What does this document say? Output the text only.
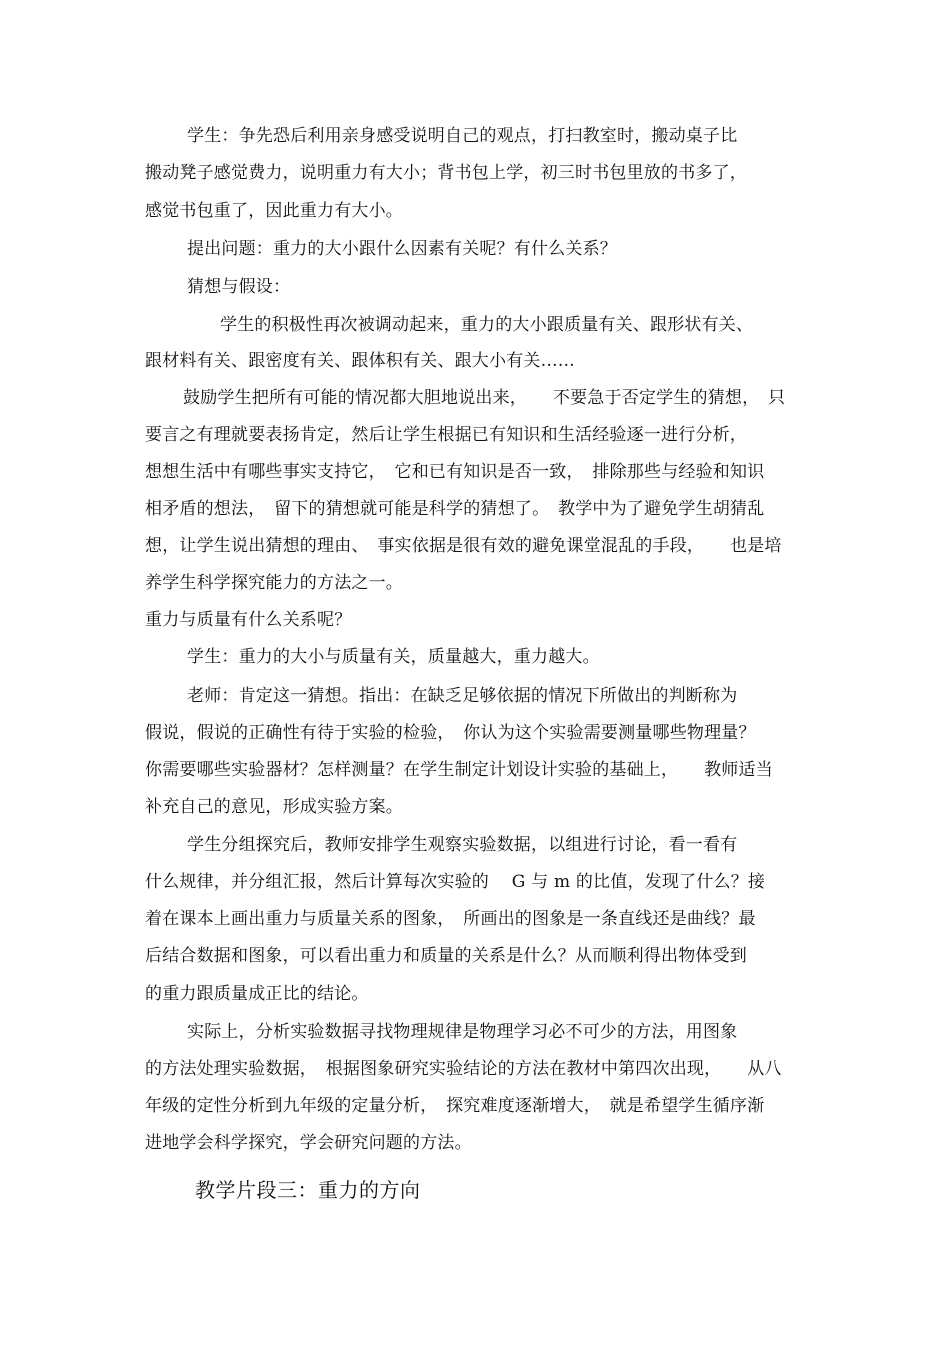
学生：争先恐后利用亲身感受说明自己的观点，打扫教室时，搬动桌子比
搬动凳子感觉费力，说明重力有大小；背书包上学，初三时书包里放的书多了，
感觉书包重了，因此重力有大小。
提出问题：重力的大小跟什么因素有关呢？有什么关系？
猜想与假设：
学生的积极性再次被调动起来，重力的大小跟质量有关、跟形状有关、
跟材料有关、跟密度有关、跟体积有关、跟大小有关……
鼓励学生把所有可能的情况都大胆地说出来，　　不要急于否定学生的猜想，　只
要言之有理就要表扬肯定，然后让学生根据已有知识和生活经验逐一进行分析，
想想生活中有哪些事实支持它，　它和已有知识是否一致，　排除那些与经验和知识
相矛盾的想法，　留下的猜想就可能是科学的猜想了。　教学中为了避免学生胡猜乱
想，让学生说出猜想的理由、　事实依据是很有效的避免课堂混乱的手段，　　也是培
养学生科学探究能力的方法之一。
重力与质量有什么关系呢？
学生：重力的大小与质量有关，质量越大，重力越大。
老师：肯定这一猜想。指出：在缺乏足够依据的情况下所做出的判断称为
假说，假说的正确性有待于实验的检验，　你认为这个实验需要测量哪些物理量？
你需要哪些实验器材？怎样测量？在学生制定计划设计实验的基础上，　　教师适当
补充自己的意见，形成实验方案。
学生分组探究后，教师安排学生观察实验数据，以组进行讨论，看一看有
什么规律，并分组汇报，然后计算每次实验的　 G 与 m 的比值，发现了什么？接
着在课本上画出重力与质量关系的图象，　所画出的图象是一条直线还是曲线？最
后结合数据和图象，可以看出重力和质量的关系是什么？从而顺利得出物体受到
的重力跟质量成正比的结论。
实际上，分析实验数据寻找物理规律是物理学习必不可少的方法，用图象
的方法处理实验数据，　根据图象研究实验结论的方法在教材中第四次出现，　　从八
年级的定性分析到九年级的定量分析，　探究难度逐渐增大，　就是希望学生循序渐
进地学会科学探究，学会研究问题的方法。
教学片段三：重力的方向
